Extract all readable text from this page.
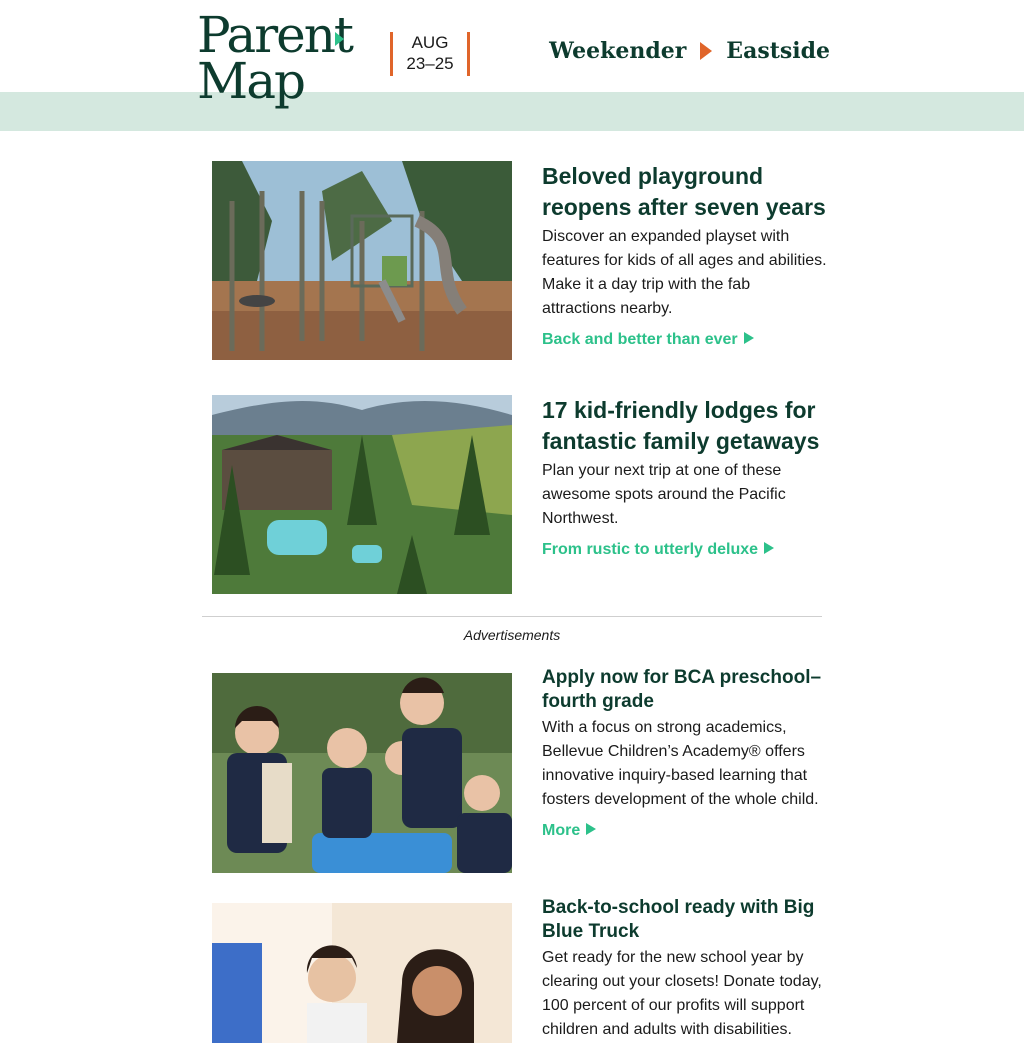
Parent
Map
AUG
23–25	Weekender Eastside
Beloved playground reopens after seven years

Discover an expanded playset with features for kids of all ages and abilities. Make it a day trip with the fab attractions nearby.

Back and better than ever
17 kid-friendly lodges for fantastic family getaways

Plan your next trip at one of these awesome spots around the Pacific Northwest.

From rustic to utterly deluxe
Advertisements
Apply now for BCA preschool–fourth grade

With a focus on strong academics, Bellevue Children’s Academy® offers innovative inquiry-based learning that fosters development of the whole child.

More
Back-to-school ready with Big Blue Truck

Get ready for the new school year by clearing out your closets! Donate today, 100 percent of our profits will support children and adults with disabilities.
